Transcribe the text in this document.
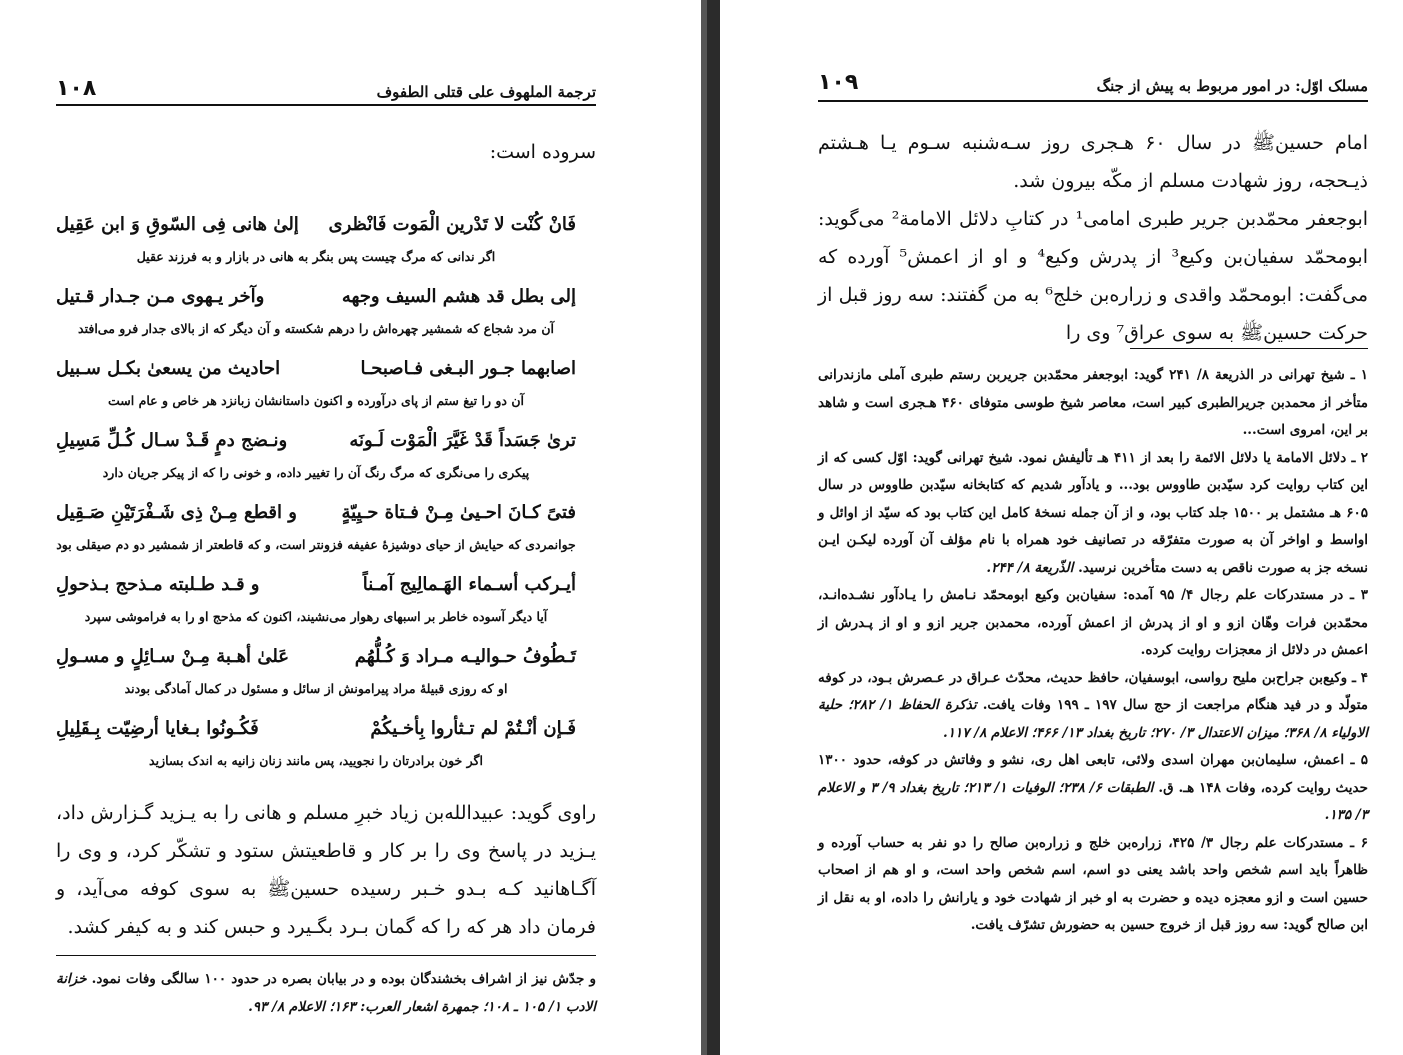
ترجمة الملهوف على قتلى الطفوف
۱۰۸

سروده است:

فَانْ كُنْت لا تَدْرين الْمَوت فَانْظری
إلیٰ هانی فِی السّوقِ وَ ابن عَقِیل
اگر ندانی که مرگ چیست پس بنگر به هانی در بازار و به فرزند عقیل
إلی بطل قد هشم السیف وجهه
وآخر یـهوی مـن جـدار قـتیل
آن مرد شجاع که شمشیر چهره‌اش را درهم شکسته و آن دیگر که از بالای جدار فرو می‌افتد
اصابهما جـور البـغی فـاصبحـا
احادیث من یسعیٰ بکـل سـبیل
آن دو را تیغ ستم از پای درآورده و اکنون داستانشان زبانزد هر خاص و عام است
تریٰ جَسَداً قَدْ غَیَّرَ الْمَوْت لَـونَه
ونـضج دمٍ قَـدْ سـال کُـلِّ مَسِیلِ
پیکری را می‌نگری که مرگ رنگ آن را تغییر داده، و خونی را که از پیکر جریان دارد
فتیً کـانَ احـییٰ مِـنْ فـتاة حـیِیّةٍ
و اقطع مِـنْ ذِی شَـفْرَتَیْنِ صَـقِیل
جوانمردی که حیایش از حیای دوشیزهٔ عفیفه فزونتر است، و که قاطعتر از شمشیر دو دم صیقلی بود
أیـرکب أسـماء الهَـمالِیج آمـناً
و قـد طـلبته مـذحج بـذحولِ
آیا دیگر آسوده خاطر بر اسبهای رهوار می‌نشیند، اکنون که مذحج او را به فراموشی سپرد
تَـطُوفُ حـوالیـه مـراد وَ کُـلُّهُم
عَلیٰ أهـبة مِـنْ سـائِلٍ و مسـولِ
او که روزی قبیلهٔ مراد پیرامونش از سائل و مسئول در کمال آمادگی بودند
فَـإن أنْـتُمْ لم تـثأروا بِأخـیکُمْ
فَکُـونُوا بـغایا أرضِیّت بِـقَلِیلِ
اگر خون برادرتان را نجویید، پس مانند زنان زانیه به اندک بسازید

راوی گوید: عبیدالله‌بن زیاد خبرِ مسلم و هانی را به یـزید گـزارش داد، یـزید در پاسخ وی را بر کار و قاطعیتش ستود و تشکّر کرد، و وی را آگـاهانید کـه بـدو خـبر رسیده حسینﷺ به سوی کوفه می‌آید، و فرمان داد هر که را که گمان بـرد بگـیرد و حبس کند و به کیفر کشد.

و جدّش نیز از اشراف بخشندگان بوده و در بیابان بصره در حدود ۱۰۰ سالگی وفات نمود. خزانة الادب ۱/ ۱۰۵ ـ ۱۰۸؛ جمهرة اشعار العرب: ۱۶۳؛ الاعلام ۸/ ۹۳.

مسلک اوّل: در امور مربوط به پیش از جنگ
۱۰۹

امام حسینﷺ در سال ۶۰ هـجری روز سـه‌شنبه سـوم یـا هـشتم ذیـحجه، روز شهادت مسلم از مکّه بیرون شد.

ابوجعفر محمّدبن جریر طبری امامی¹ در کتابِ دلائل الامامة² می‌گوید: ابومحمّد سفیان‌بن وکیع³ از پدرش وکیع⁴ و او از اعمش⁵ آورده که می‌گفت: ابومحمّد واقدی و زراره‌بن خلج⁶ به من گفتند: سه روز قبل از حرکت حسینﷺ به سوی عراق⁷ وی را

۱ ـ شیخ تهرانی در الذریعة ۸/ ۲۴۱ گوید: ابوجعفر محمّدبن جریربن رستم طبری آملی مازندرانی متأخر از محمدبن جریرالطبری کبیر است، معاصر شیخ طوسی متوفای ۴۶۰ هـجری است و شاهد بر این، امروی است...

۲ ـ دلائل الامامة یا دلائل الائمة را بعد از ۴۱۱ هـ تألیفش نمود. شیخ تهرانی گوید: اوّل کسی که از این کتاب روایت کرد سیّدبن طاووس بود... و یادآور شدیم که کتابخانه سیّدبن طاووس در سال ۶۰۵ هـ مشتمل بر ۱۵۰۰ جلد کتاب بود، و از آن جمله نسخهٔ کامل این کتاب بود که سیّد از اوائل و اواسط و اواخر آن به صورت متفرّقه در تصانیف خود همراه با نام مؤلف آن آورده لیکـن ایـن نسخه جز به صورت ناقص به دست متأخرین نرسید. الذّریعة ۸/ ۲۴۴.

۳ ـ در مستدرکات علم رجال ۴/ ۹۵ آمده: سفیان‌بن وکیع ابومحمّد نـامش را یـادآور نشـده‌انـد، محمّدبن فرات وهّان ازو و او از پدرش از اعمش آورده، محمدبن جریر ازو و او از پـدرش از اعمش در دلائل از معجزات روایت کرده.

۴ ـ وکیع‌بن جراح‌بن ملیح رواسی، ابوسفیان، حافظ حدیث، محدّث عـراق در عـصرش بـود، در کوفه متولّد و در فید هنگام مراجعت از حج سال ۱۹۷ ـ ۱۹۹ وفات یافت. تذکرة الحفاظ ۱/ ۲۸۲؛ حلیة الاولیاء ۸/ ۳۶۸؛ میزان الاعتدال ۳/ ۲۷۰؛ تاریخ بغداد ۱۳/ ۴۶۶؛ الاعلام ۸/ ۱۱۷.

۵ ـ اعمش، سلیمان‌بن مهران اسدی ولائی، تابعی اهل ری، نشو و وفاتش در کوفه، حدود ۱۳۰۰ حدیث روایت کرده، وفات ۱۴۸ هـ. ق. الطبقات ۶/ ۲۳۸؛ الوفیات ۱/ ۲۱۳؛ تاریخ بغداد ۹/ ۳ و الاعلام ۳/ ۱۳۵.

۶ ـ مستدرکات علم رجال ۳/ ۴۲۵، زراره‌بن خلج و زراره‌بن صالح را دو نفر به حساب آورده و ظاهراً باید اسم شخص واحد باشد یعنی دو اسم، اسم شخص واحد است، و او هم از اصحاب حسین است و ازو معجزه دیده و حضرت به او خبر از شهادت خود و یارانش را داده، او به نقل از ابن صالح گوید: سه روز قبل از خروج حسین به حضورش تشرّف یافت.
